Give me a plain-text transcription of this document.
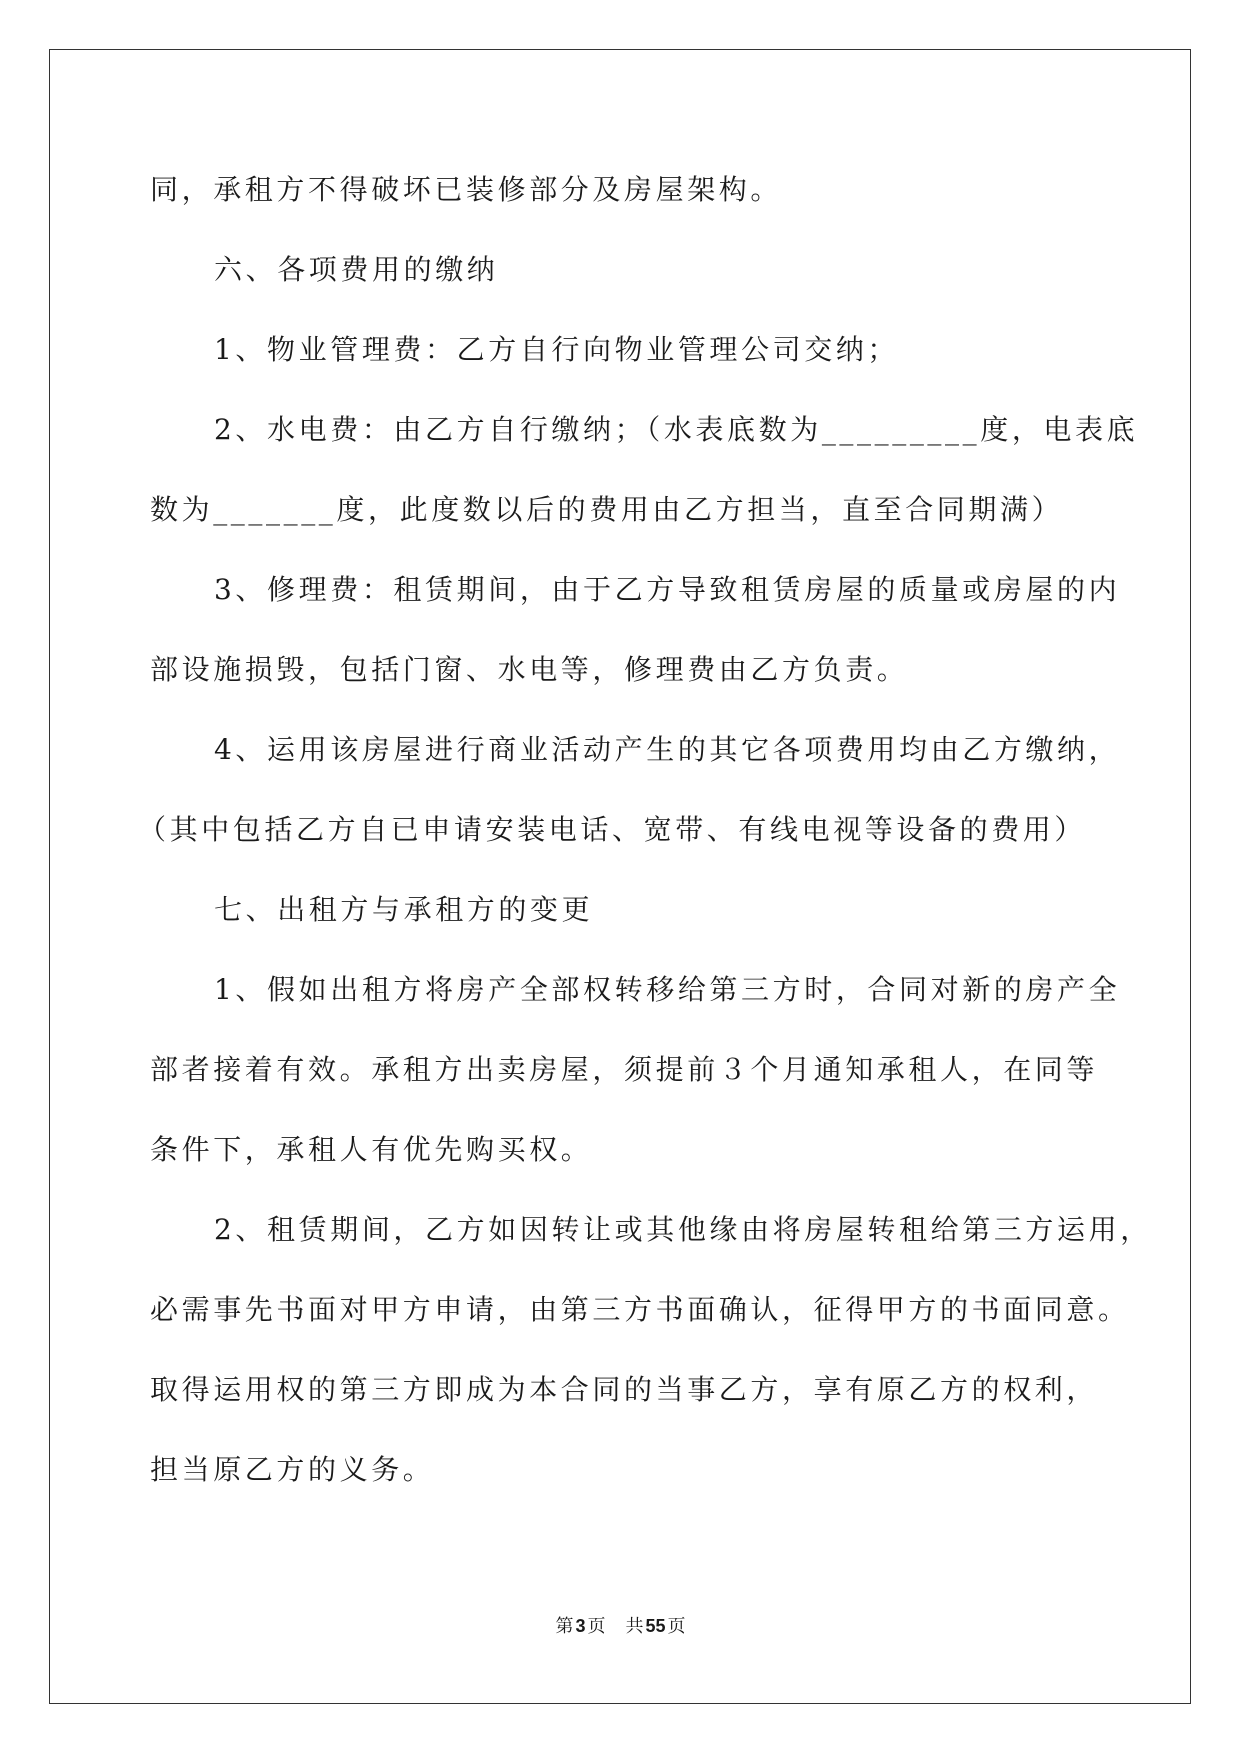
同，承租方不得破坏已装修部分及房屋架构。
六、各项费用的缴纳
1、物业管理费：乙方自行向物业管理公司交纳；
2、水电费：由乙方自行缴纳；（水表底数为_________度，电表底
数为_______度，此度数以后的费用由乙方担当，直至合同期满）
3、修理费：租赁期间，由于乙方导致租赁房屋的质量或房屋的内
部设施损毁，包括门窗、水电等，修理费由乙方负责。
4、运用该房屋进行商业活动产生的其它各项费用均由乙方缴纳，
（其中包括乙方自已申请安装电话、宽带、有线电视等设备的费用）
七、出租方与承租方的变更
1、假如出租方将房产全部权转移给第三方时，合同对新的房产全
部者接着有效。承租方出卖房屋，须提前３个月通知承租人，在同等
条件下，承租人有优先购买权。
2、租赁期间，乙方如因转让或其他缘由将房屋转租给第三方运用，
必需事先书面对甲方申请，由第三方书面确认，征得甲方的书面同意。
取得运用权的第三方即成为本合同的当事乙方，享有原乙方的权利，
担当原乙方的义务。
第 3 页 共 55 页
